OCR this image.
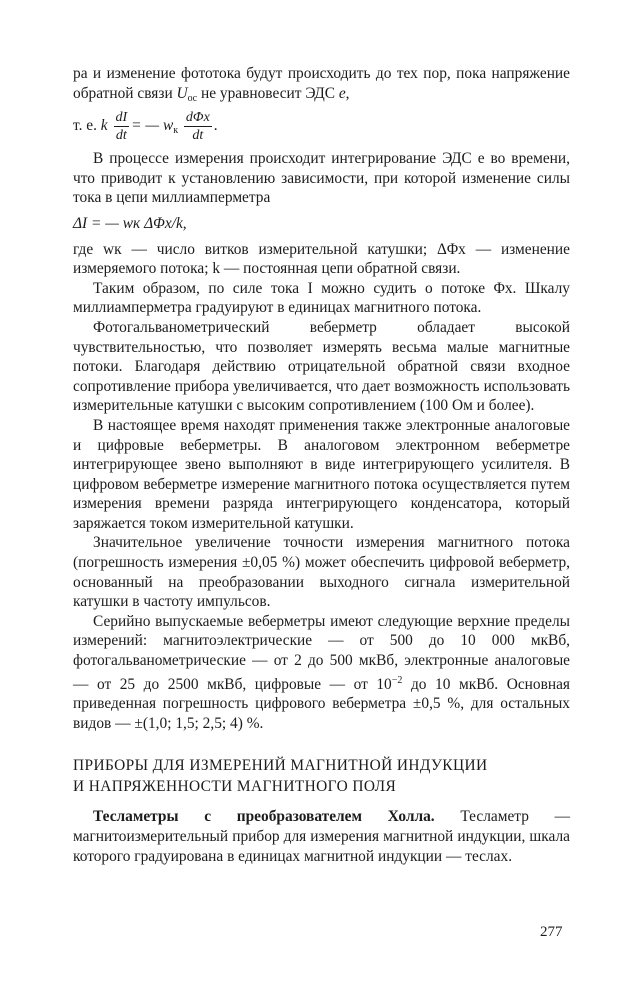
ра и изменение фототока будут происходить до тех пор, пока напряжение обратной связи $U_{oc}$ не уравновесит ЭДС e,

т. е. k $\frac{dI}{dt}$ = — $w_к \frac{\text{dΦx}}{dt}$ .

В процессе измерения происходит интегрирование ЭДС e во времени, что приводит к установлению зависимости, при которой изменение силы тока в цепи миллиамперметра

ΔI = — wк ΔΦx/k,

где wк — число витков измерительной катушки; ΔΦx — изменение измеряемого потока; k — постоянная цепи обратной связи.

Таким образом, по силе тока I можно судить о потоке Φx. Шкалу миллиамперметра градуируют в единицах магнитного потока.

Фотогальванометрический веберметр обладает высокой чувствительностью, что позволяет измерять весьма малые магнитные потоки. Благодаря действию отрицательной обратной связи входное сопротивление прибора увеличивается, что дает возможность использовать измерительные катушки с высоким сопротивлением (100 Ом и более).

В настоящее время находят применения также электронные аналоговые и цифровые веберметры. В аналоговом электронном веберметре интегрирующее звено выполняют в виде интегрирующего усилителя. В цифровом веберметре измерение магнитного потока осуществляется путем измерения времени разряда интегрирующего конденсатора, который заряжается током измерительной катушки.

Значительное увеличение точности измерения магнитного потока (погрешность измерения ±0,05 %) может обеспечить цифровой веберметр, основанный на преобразовании выходного сигнала измерительной катушки в частоту импульсов.

Серийно выпускаемые веберметры имеют следующие верхние пределы измерений: магнитоэлектрические — от 500 до 10 000 мкВб, фотогальванометрические — от 2 до 500 мкВб, электронные аналоговые — от 25 до 2500 мкВб, цифровые — от $10^{-2}$ до 10 мкВб. Основная приведенная погрешность цифрового веберметра ±0,5 %, для остальных видов — ±(1,0; 1,5; 2,5; 4) %.

ПРИБОРЫ ДЛЯ ИЗМЕРЕНИЙ МАГНИТНОЙ ИНДУКЦИИ
И НАПРЯЖЕННОСТИ МАГНИТНОГО ПОЛЯ

Тесламетры с преобразователем Холла. Тесламетр — магнитоизмерительный прибор для измерения магнитной индукции, шкала которого градуирована в единицах магнитной индукции — теслах.

277
